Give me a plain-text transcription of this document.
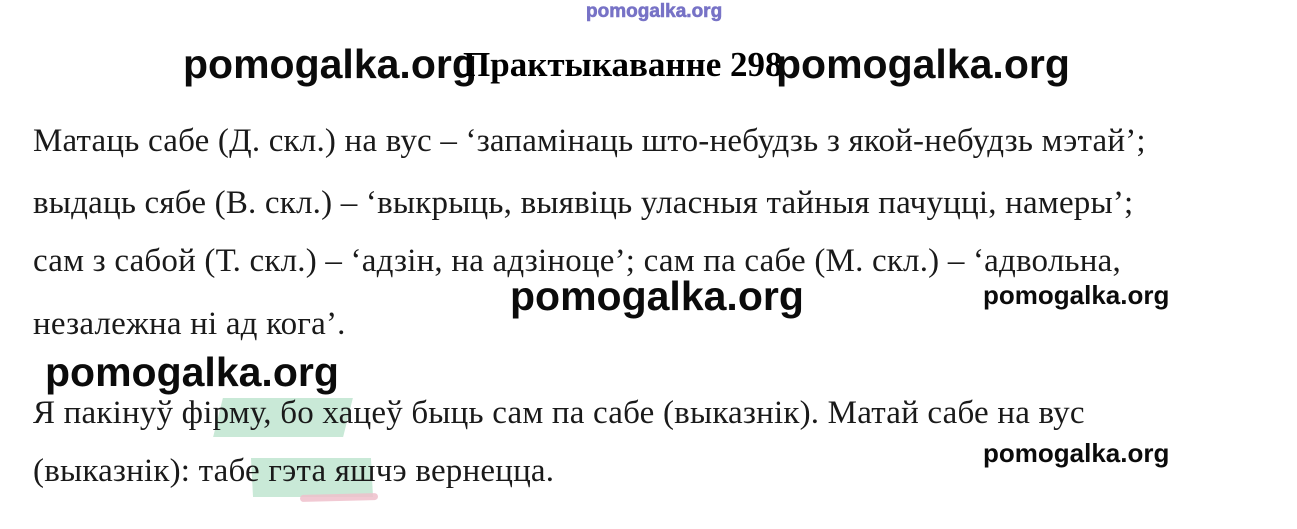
pomogalka.org
pomogalka.org
Практыкаванне 298
pomogalka.org
Матаць сабе (Д. скл.) на вус – ‘запамінаць што-небудзь з якой-небудзь мэтай’;
выдаць сябе (В. скл.) – ‘выкрыць, выявіць уласныя тайныя пачуцці, намеры’;
сам з сабой (Т. скл.) – ‘адзін, на адзіноце’; сам па сабе (М. скл.) – ‘адвольна,
незалежна ні ад кога’.
pomogalka.org	pomogalka.org
pomogalka.org
Я пакінуў фірму, бо хацеў быць сам па сабе (выказнік). Матай сабе на вус
(выказнік): табе гэта яшчэ вернецца.	pomogalka.org
